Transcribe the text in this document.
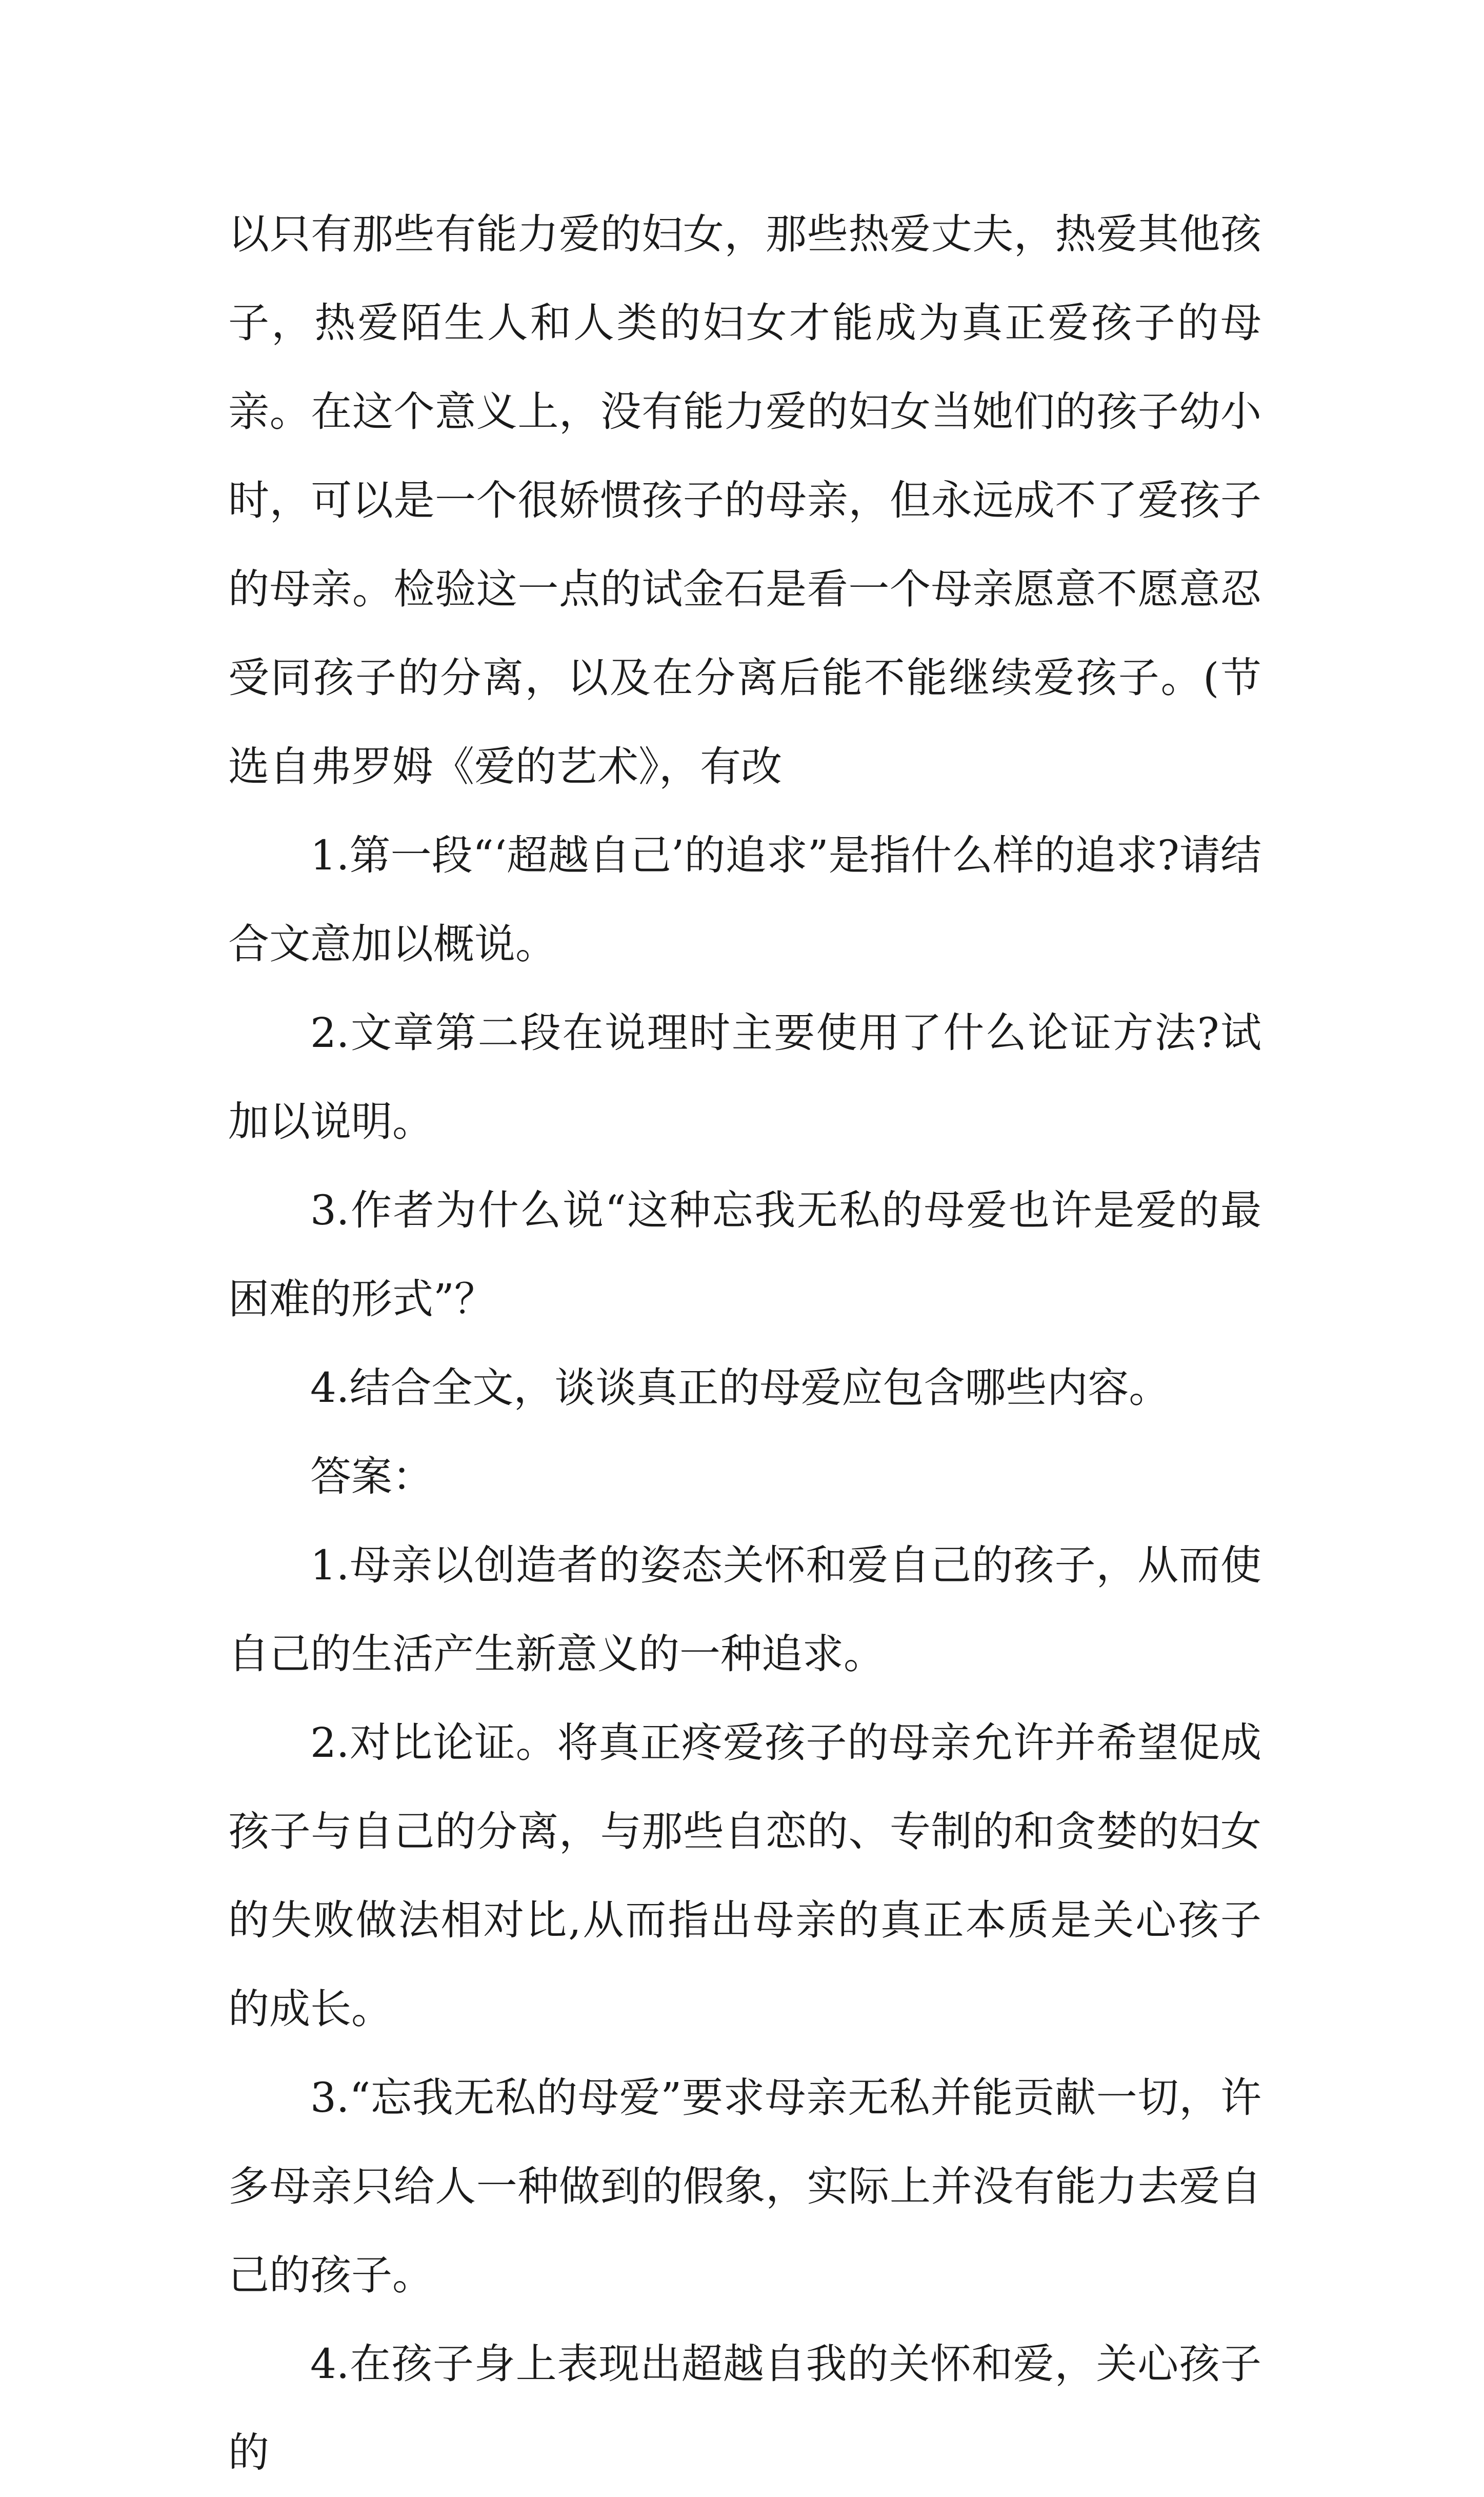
以只有那些有能力爱的妇女，那些热爱丈夫，热爱其他孩子，热爱陌生人和人类的妇女才能成为真正爱孩子的母亲。在这个意义上，没有能力爱的妇女当她们的孩子幼小时，可以是一个很娇惯孩子的母亲，但永远成不了爱孩子的母亲。检验这一点的试金石是看一个母亲愿意不愿意忍受同孩子的分离，以及在分离后能不能继续爱孩子。(节选自弗罗姆《爱的艺术》，有改

1.第一段“‘超越自己’的追求”是指什么样的追求?请结合文意加以概说。

2.文章第二段在说理时主要使用了什么论证方法?试加以说明。

3.作者为什么说“这种忘我无私的母爱也许是爱的最困难的形式”？

4.结合全文，谈谈真正的母爱应包含哪些内容。

答案：

1.母亲以创造者的姿态关怀和爱自己的孩子，从而使自己的生活产生新意义的一种追求。

2.对比论证。将真正疼爱孩子的母亲允许并希望促成孩子与自己的分离，与那些自恋的、专制的和贪婪的妇女的失败做法相对比,从而指出母亲的真正本质是关心孩子的成长。

3.“忘我无私的母爱”要求母亲无私并能贡献一切，许多母亲只给人一种做到的假象，实际上并没有能力去爱自己的孩子。

4.在孩子身上表现出超越自我的关怀和爱，关心孩子的
